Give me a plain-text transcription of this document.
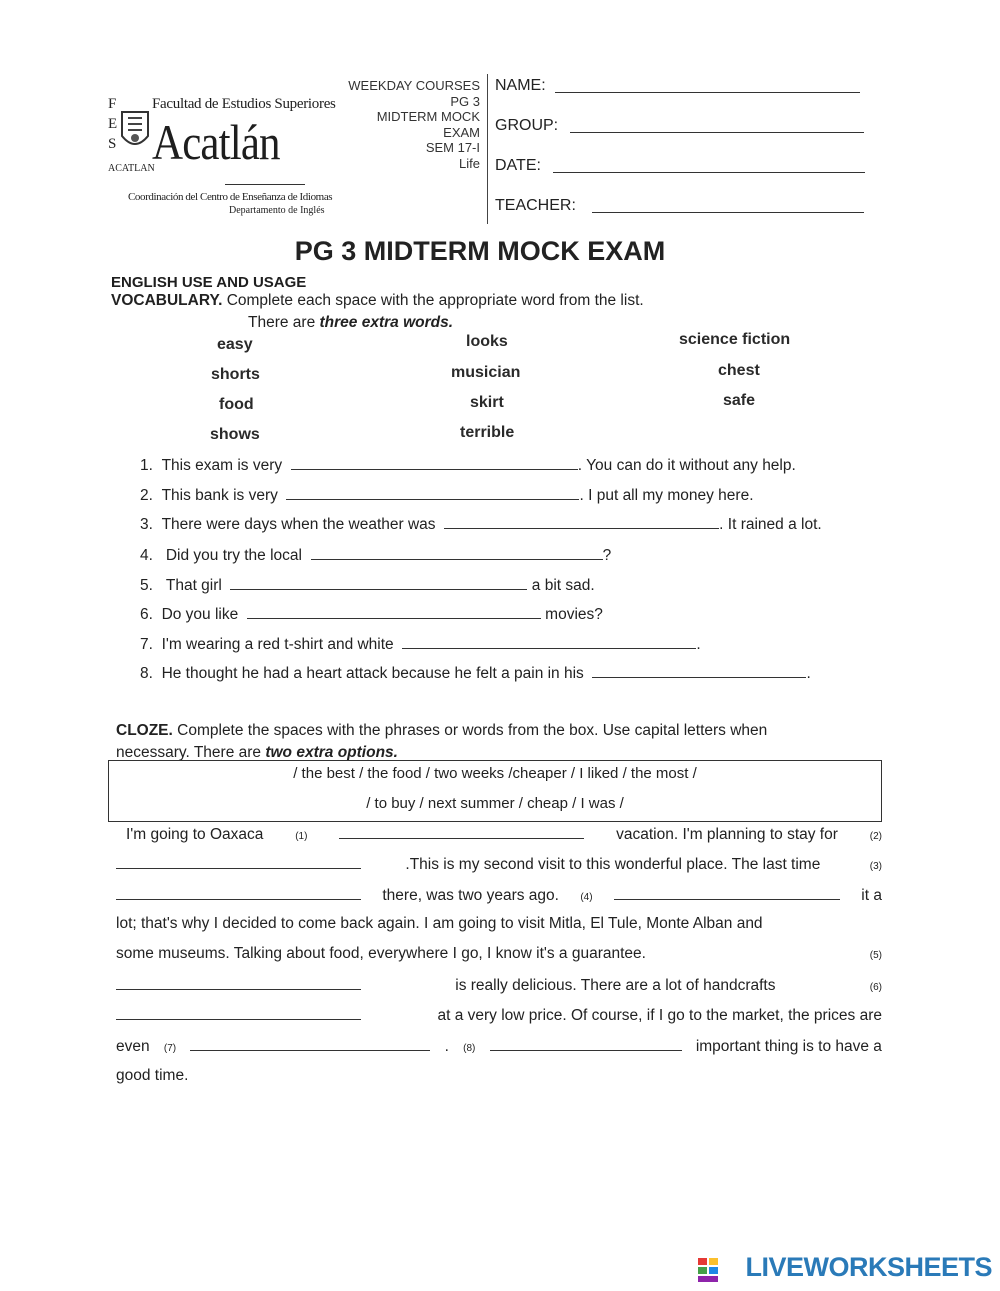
F
E
S
Facultad de Estudios Superiores
Acatlán
ACATLAN
Coordinación del Centro de Enseñanza de Idiomas
Departamento de Inglés
WEEKDAY COURSES
PG 3
MIDTERM MOCK
EXAM
SEM 17-I
Life
NAME:
GROUP:
DATE:
TEACHER:
PG 3 MIDTERM MOCK EXAM
ENGLISH USE AND USAGE
VOCABULARY. Complete each space with the appropriate word from the list.
There are three extra words.
easy	looks	science fiction
shorts	musician	chest
food	skirt	safe
shows	terrible
1. This exam is very	. You can do it without any help.
2. This bank is very	. I put all my money here.
3. There were days when the weather was	. It rained a lot.
4. Did you try the local	?
5. That girl	a bit sad.
6. Do you like	movies?
7. I'm wearing a red t-shirt and white	.
8. He thought he had a heart attack because he felt a pain in his	.
CLOZE. Complete the spaces with the phrases or words from the box. Use capital letters when
necessary. There are two extra options.
/ the best / the food / two weeks /cheaper / I liked / the most /
/ to buy / next summer / cheap / I was /
I'm going to Oaxaca	(1)	vacation. I'm planning to stay for	(2)
.This is my second visit to this wonderful place. The last time	(3)
there, was two years ago. (4)	it a
lot; that's why I decided to come back again. I am going to visit Mitla, El Tule, Monte Alban and
some museums. Talking about food, everywhere I go, I know it's a guarantee.	(5)
is really delicious. There are a lot of handcrafts	(6)
at a very low price. Of course, if I go to the market, the prices are
even (7)	. (8)	important thing is to have a
good time.
LIVEWORKSHEETS
